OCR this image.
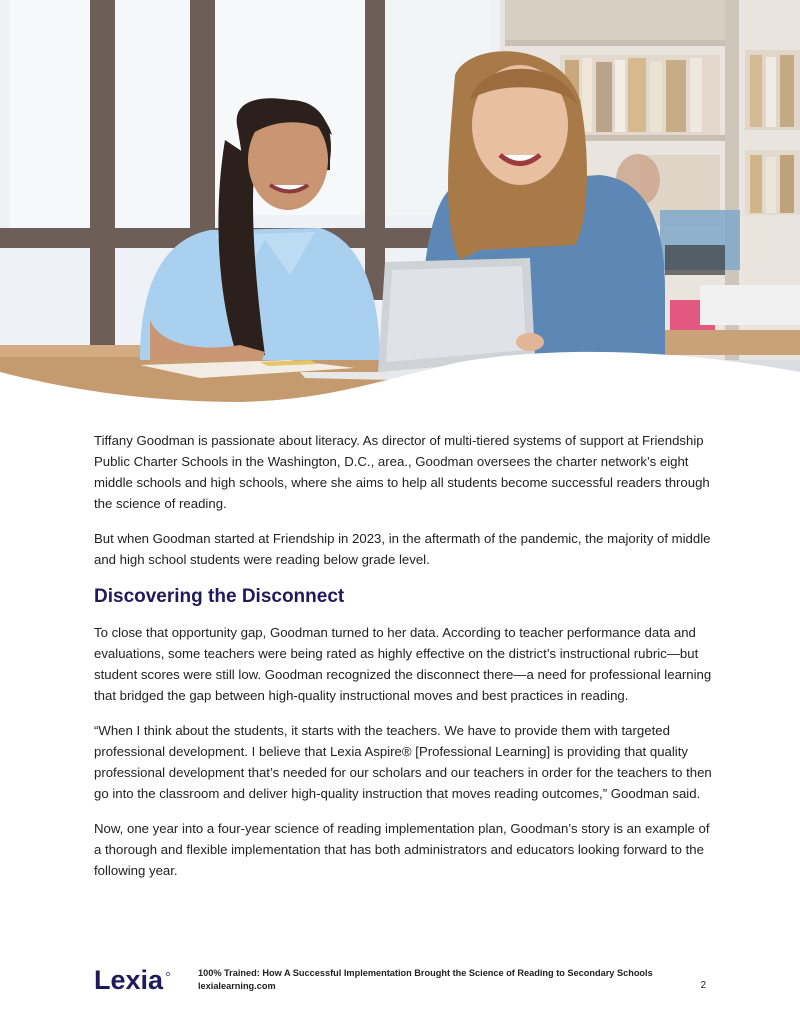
Tiffany Goodman is passionate about literacy. As director of multi-tiered systems of support at Friendship Public Charter Schools in the Washington, D.C., area., Goodman oversees the charter network’s eight middle schools and high schools, where she aims to help all students become successful readers through the science of reading.

But when Goodman started at Friendship in 2023, in the aftermath of the pandemic, the majority of middle and high school students were reading below grade level.

Discovering the Disconnect

To close that opportunity gap, Goodman turned to her data. According to teacher performance data and evaluations, some teachers were being rated as highly effective on the district’s instructional rubric—but student scores were still low. Goodman recognized the disconnect there—a need for professional learning that bridged the gap between high-quality instructional moves and best practices in reading.

“When I think about the students, it starts with the teachers. We have to provide them with targeted professional development. I believe that Lexia Aspire® [Professional Learning] is providing that quality professional development that’s needed for our scholars and our teachers in order for the teachers to then go into the classroom and deliver high-quality instruction that moves reading outcomes,” Goodman said.

Now, one year into a four-year science of reading implementation plan, Goodman’s story is an example of a thorough and flexible implementation that has both administrators and educators looking forward to the following year.

Lexia	100% Trained: How A Successful Implementation Brought the Science of Reading to Secondary Schools
lexialearning.com	2
